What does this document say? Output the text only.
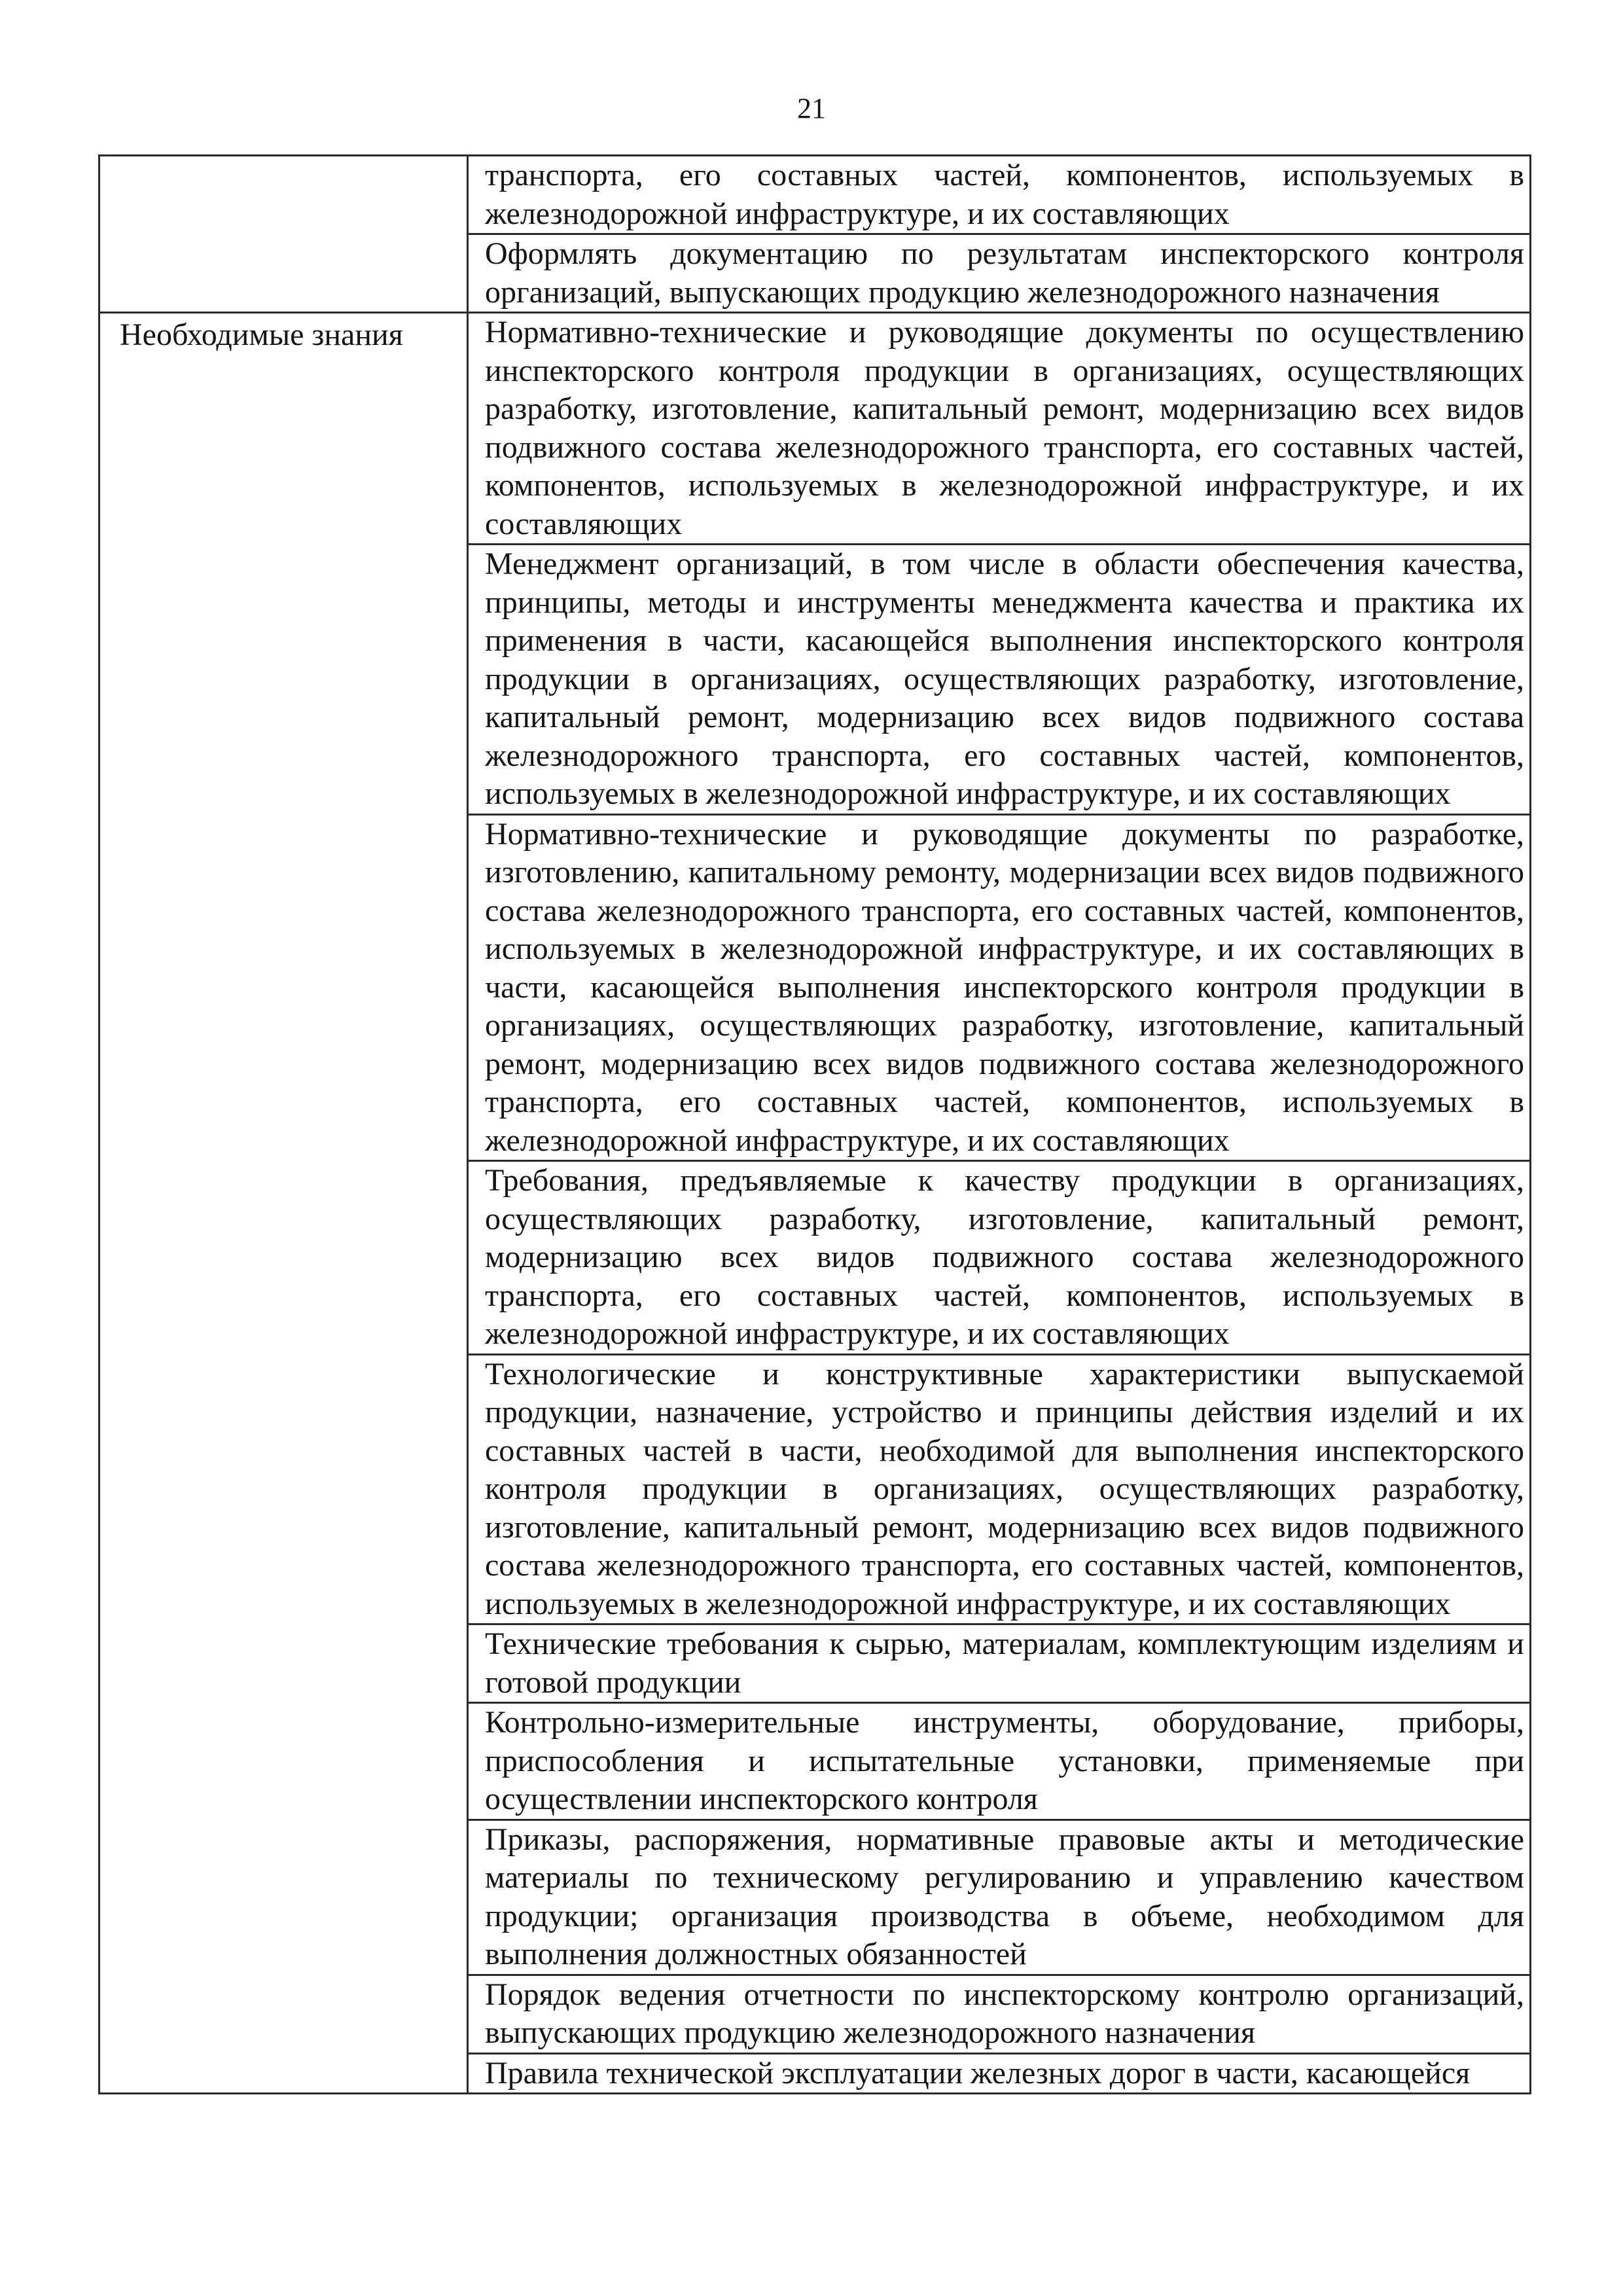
21
	транспорта, его составных частей, компонентов, используемых в железнодорожной инфраструктуре, и их составляющих
	Оформлять документацию по результатам инспекторского контроля организаций, выпускающих продукцию железнодорожного назначения
Необходимые знания	Нормативно-технические и руководящие документы по осуществлению инспекторского контроля продукции в организациях, осуществляющих разработку, изготовление, капитальный ремонт, модернизацию всех видов подвижного состава железнодорожного транспорта, его составных частей, компонентов, используемых в железнодорожной инфраструктуре, и их составляющих
	Менеджмент организаций, в том числе в области обеспечения качества, принципы, методы и инструменты менеджмента качества и практика их применения в части, касающейся выполнения инспекторского контроля продукции в организациях, осуществляющих разработку, изготовление, капитальный ремонт, модернизацию всех видов подвижного состава железнодорожного транспорта, его составных частей, компонентов, используемых в железнодорожной инфраструктуре, и их составляющих
	Нормативно-технические и руководящие документы по разработке, изготовлению, капитальному ремонту, модернизации всех видов подвижного состава железнодорожного транспорта, его составных частей, компонентов, используемых в железнодорожной инфраструктуре, и их составляющих в части, касающейся выполнения инспекторского контроля продукции в организациях, осуществляющих разработку, изготовление, капитальный ремонт, модернизацию всех видов подвижного состава железнодорожного транспорта, его составных частей, компонентов, используемых в железнодорожной инфраструктуре, и их составляющих
	Требования, предъявляемые к качеству продукции в организациях, осуществляющих разработку, изготовление, капитальный ремонт, модернизацию всех видов подвижного состава железнодорожного транспорта, его составных частей, компонентов, используемых в железнодорожной инфраструктуре, и их составляющих
	Технологические и конструктивные характеристики выпускаемой продукции, назначение, устройство и принципы действия изделий и их составных частей в части, необходимой для выполнения инспекторского контроля продукции в организациях, осуществляющих разработку, изготовление, капитальный ремонт, модернизацию всех видов подвижного состава железнодорожного транспорта, его составных частей, компонентов, используемых в железнодорожной инфраструктуре, и их составляющих
	Технические требования к сырью, материалам, комплектующим изделиям и готовой продукции
	Контрольно-измерительные инструменты, оборудование, приборы, приспособления и испытательные установки, применяемые при осуществлении инспекторского контроля
	Приказы, распоряжения, нормативные правовые акты и методические материалы по техническому регулированию и управлению качеством продукции; организация производства в объеме, необходимом для выполнения должностных обязанностей
	Порядок ведения отчетности по инспекторскому контролю организаций, выпускающих продукцию железнодорожного назначения
	Правила технической эксплуатации железных дорог в части, касающейся
